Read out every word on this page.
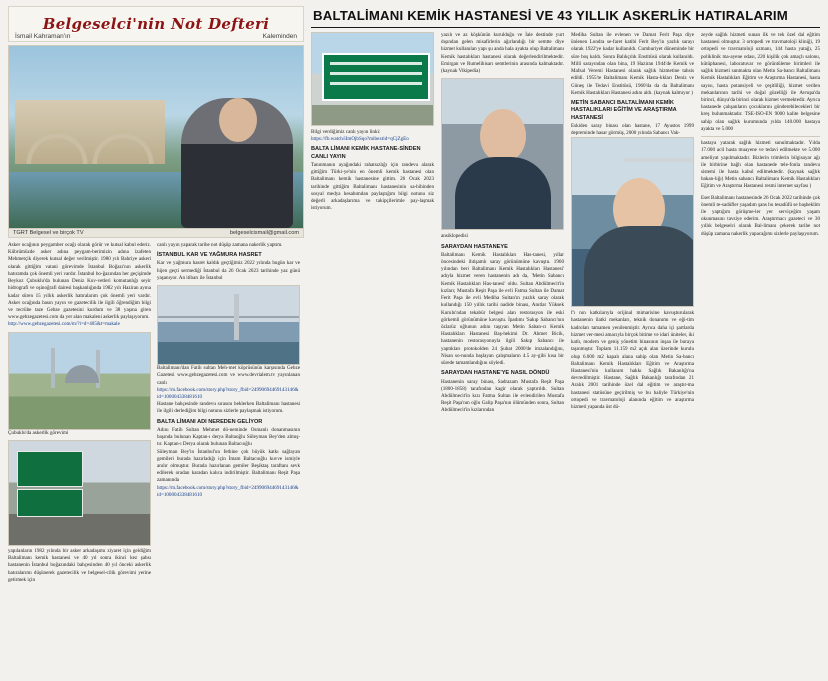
Belgeselci'nin Not Defteri
İsmail Kahraman'ın	Kaleminden
TGRT Belgesel ve birçok TV	belgeselcismail@gmail.com
Asker ocağının peygamber ocağı olarak görür ve kutsal kabul ederiz. Kübrümüzde asker adına peygam-berimizin adına izafeten Mehmetçik diyerek kutsal değer verilmiştir. 1980 yılı Bahriye askeri olarak gittiğim vatani görevimde İstanbul Boğazı'nın askerlik hatıramda çok önemli yeri vardır. İstanbul bo-ğazından her geçişimde Beykoz Çubuklu'da bulunan Deniz Kuv-vetleri komutanlığı seyir hidrografi ve oşinoğrafi dairesi başkanlığında 1982 yılı Haziran ayına kadar süren 15 yıllık askerlik hatıralarım çok önemli yeri vardır. Asker ocağında basın yayın ve gazetecilik ile ilgili öğrendiğim bilgi ve tecrübe taze Gebze gazetesini kurdum ve 38 yaşına giren www.gebzegazetesi.com da yer alan makaleni askerlik paylaşıyorum.
http://www.gebzegazetesi.com/m/?i=d=405&t=makale
Çubuklu'da askerlik görevimi
yapılanların 1982 yılında bir asker arkadaşımı ziyaret için geldiğim Baltalimanı kemik hastanesi ve 40 yıl sonra ikinci kez şahsı hastanenin İstanbul boğazındaki bahçesinden 40 yıl önceki askerlik hatıralarımı düşünerek gazetecilik ve belgesel-cilik görevimi yerine getirmek için
canlı yayın yaparak tarihe not düşüp zamana nakerlik yaptım.
İSTANBUL KAR VE YAĞMURA HASRET
Kar ve yağmura hasret kaldık geçtiğimiz 2022 yılında bugün kar ve hijen geçti sermediği İstanbul da 26 Ocak 2023 tarihinde yaz günü yaşanıyor. An itibarı ile İstanbul
Baltalimanı'dan Fatih sultan Meh-met köprüsünün karşısında Gebze Gazetesi www.gebzegazetesi.com ve www.devrialem.tv yayınlanan canlı
https://m.facebook.com/story.php?story_fbid=24990694469143146&id=100004338481610
Hastane bahçesinde randevu sırasını beklerken Baltalimanı hastanesi ile ilgili derlediğim bilgi notunu sizlerle paylaşmak istiyorum.
BALTA LİMANI ADI NEREDEN GELİYOR
Adını Fatih Sultan Mehmet dö-neminde Osmanlı donanmasının başında bulunan Kaptan-ı derya Baltaoğlu Süleyman Bey'den almış-tır. Kaptan-ı Derya olarak bulunan Baltacıoğlu
Süleyman Bey'in İstanbul'un fethine çok büyük katkı sağlayan gemileri burada hazırladığı için İmam Baltacıoğlu kuvve ismiyle anılır olmuştur. Burada hazırlanan gemiler Beşiktaş taraftanı sevk edilerek oradan karadan kalıca indirilmiştir. Baltalimanı Reşit Paşa zamanında
https://m.facebook.com/story.php?story_fbid=24990694469143146&id=100004338481610
BALTALİMANI KEMİK HASTANESİ VE 43 YILLIK ASKERLİK HATIRALARIM
Bilgi verdiğimiz canlı yayın linki:
https://fb.watch/iImOjbSqo?mibextid=qCjZgEo
BALTA LİMANI KEMİK HASTANE-SİNDEN CANLI YAYIN
Tanınmanın ayağındaki rahatsızlığı için randevu alarak gittiğim Türki-ye'nin en önemli kemik hastanesi olan Baltalimanı kemik hastanesine gittim. 26 Ocak 2023 tarihinde gittiğim Baltalimanı hastanesinin sa-hibinden sosyal medya hesabımdan paylaştığım bilgi notunu siz değerli arkadaşlarıma ve takipçilerimle pay-laşmak istiyorum.
yazılı ve az köşkünün kurulduğu ve İale destinde yurt dışından gelen misafirlerin ağırlandığı bir semtte diye hizmet kullanılan yapı şu anda hala ayakta olup Baltalimanı Kemik hastalıkları hastanesi olarak değerlendirilmektedir. Emirgan ve Rumelihisarı semtlerinin arasında kalmaktadır. (kaynak Vikipedia)
ansiklopedisi
SARAYDAN HASTANEYE
Baltalimanı Kemik Hastalıkları Has-tanesi, yıllar öncesindeki ihtişamlı saray görünümüne kavuştu. 1960 yılından beri Baltalimanı Kemik Hastalıkları Hastanesi' adıyla hizmet veren hastanenin adı da, 'Metin Sabancı Kemik Hastalıkları Has-tanesi' oldu. Sultan Abdülmecit'in kızları; Mustafa Reşit Paşa ile evli Fatma Sultan ile Damat Ferit Paşa ile evli Mediha Sultan'ın yazlık saray olarak kullandığı 150 yıllık tarihi nadide binası, Anıtlar Yüksek Kurulu'ndan tekabür belgesi alan restorasyon ile eski görkemli görünümüne kavuştu. İpadımı 'Sakıp Sabancı'nın özlarüz oğlunun adını taşıyan Metin Saban-cı Kemik Hastalıkları Hastanesi Baş-hekimi Dr. Ahmet Bicik, hastanenin restorasyonuyla ilgili Sakıp Sabancı ile yaptıkları protokolden 24 Şubat 2000'de imzalandığını, Nisan so-nunda başlayan çalışmaların 4.5 ay-gibi kısa bir sürede tamamlandığını söyledi.
SARAYDAN HASTANE'YE NASIL DÖNDÜ
Hastanenin saray binası, Sadrazam Mustafa Reşit Paşa (1800-1858) tarafından kagir olarak yaptırıldı. Sultan Abdülmecit'in kızı Fatma Sultan ile evlendirilen Mustafa Reşit Paşa'nın oğlu Galip Paşa'nın ölümünden sonra, Sultan Abdülmecit'in kızlarından
Mediha Sultan ile evlenen ve Damat Ferit Paşa diye ünlenen Londra se-faret katibi Ferit Bey'in yazlık sarayı olarak 1922'ye kadar kullanıldı. Cumhuriyet döneminde bir süre boş kaldı. Sonra Balıkçılık Enstitüsü olarak kullanıldı. Milli sarayından olan bina, 19 Haziran 1944'de Kemik ve Mafsal Veremi Hastanesi olarak sağlık hizmetine tahsis edildi. 1955'te Baltalimanı Kemik Hasta-lıkları Deniz ve Güneş ile Tedavi Enstitüsü, 1960'da da da Baltalimanı Kemik Hastalıkları Hastanesi adını aldı. (kaynak kalmıyor )
METİN SABANCI BALTALİMANI KEMİK HASTALIKLARI EĞİTİM VE ARAŞTIRMA HASTANESİ
Eskiden saray binası olan hastane, 17 Ayustos 1999 depreminde hasar görmüş, 2000 yılında Sabancı Vak-
f'ı nın katkılarıyla orijinal mimarisine kavuşturularak hastanenin ilatki mekanları, teknik donanımı ve eği-tim kadroları tamamen yenilenmiştir. Ayrıca daha içi şartlarda hizmet ver-mesi amacıyla birçok bitime ve idari üniteler, iki katlı, modern ve geniş yönetim binasının inşaa ile buraya taşınmıştır. Toplam 11.159 m2 açık alan üzerinde kurulu olup 6.000 m2 kapalı alana sahip olan Metin Sa-bancı Baltalimanı Kemik Hastalıkları Eğitim ve Araştırma Hastanesi'nin kullanım hakkı Sağlık Bakanlığı'na devredilmiştir. Hastane, Sağlık Bakanlığı tarafından 21 Aralık 2001 tarihinde özel dal eğitim ve araştır-ma hastanesi statüsüne geçirilmiş ve bu haliyle Türkiye'nin ortopedi ve travmatoloji alanında eğitim ve araştırma hizmeti yapanda üst dü-
zeyde sağlık hizmeti sunan ilk ve tek özel dal eğitim hastanesi olmuştur. 3 ortopedi ve travmatoloji kliniği, 19 ortopedi ve travmatoloji uzmanı, 144 hasta yatağı, 25 poliklinik ma-ayene odası, 220 kişilik çok amaçlı salonu, kütüphanesi, laboratuvar ve görüntüleme birimleri ile sağlık hizmeti sunmakta olan Metin Sa-bancı Baltalimanı Kemik Hastalıkları Eğitim ve Araştırma Hastanesi, hasta sayısı, hasta potansiyeli ve çeşitliliği, hizmet verilen mekanlarının tarihi ve doğal güzelliği ile Avrupa'da birinci, dünya'da birinci olarak hizmet vermektedir. Ayrıca hastanede çalışanların çocuklarını gönderebilecekleri bir kreş bulunmaktadır. TSE-ISO-EN 9000 kalite belgesine sahip olan sağlık kurumunda yılda 140.000 hastaya ayakta ve 5.000
hastaya yatarak sağlık hizmeti sunulmaktadır. Yılda 17.000 acil hasta muayene ve tedavi edilmekte ve 5.000 ameliyat yapılmaktadır. Bizlerin trimlerin bilgisayar ağı ile birbirine bağlı olan hastanede tele-fonla randevu sistemi ile hasta kabul edilmektedir. (kaynak sağlık bakan-lığı) Metin sabancı Baltalimanı Kemik Hastalıkları Eğitim ve Araştırma Hastanesi resmi internet sayfası )
Eset Baltalimanı hastanesinde 26 Ocak 2022 tarihinde çok önemli te-sadüfler yaşadım şans bu tesadüfü se başheklim ile yaptığım görüşme-ler yer serviçeğim yaşam okunmasını tavsiye ederim. Araştırmacı gazeteci ve 30 yıllık belgeselci olarak Bal-limanı çekerek tarihe not düşüp zamana nakerlik yapacağımı sizlerle paylaşıyorum.
